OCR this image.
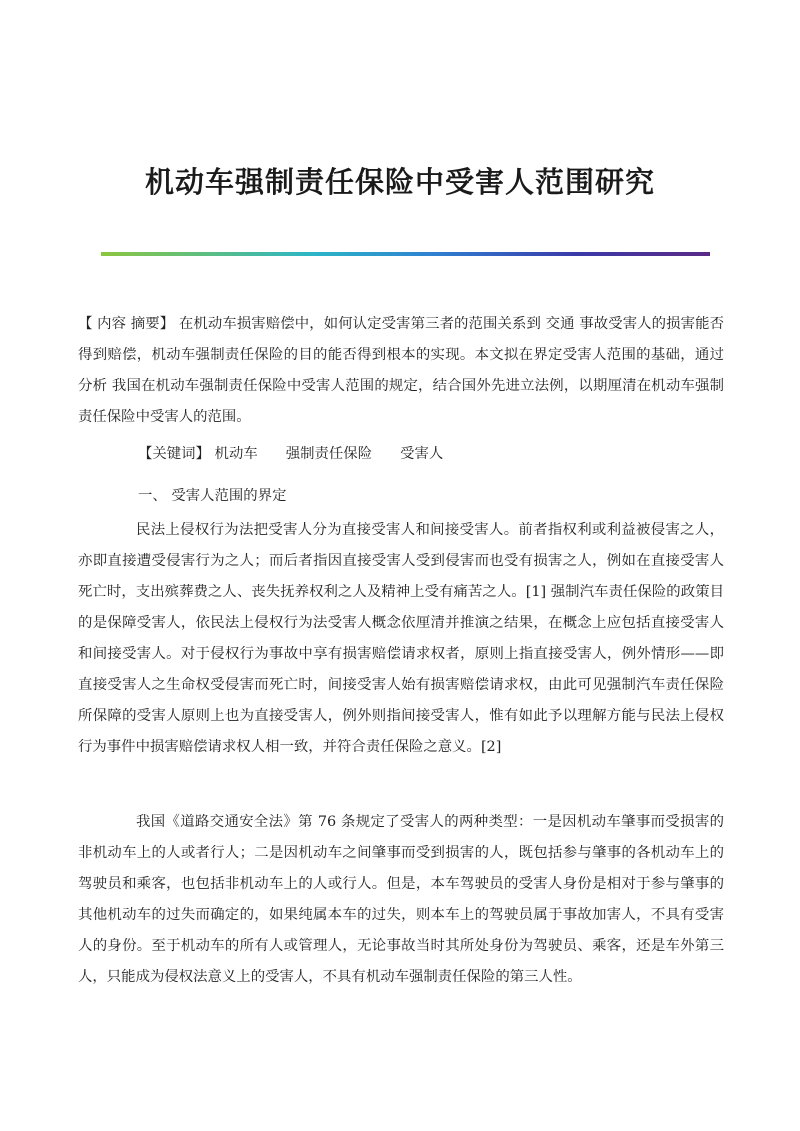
机动车强制责任保险中受害人范围研究
【 内容 摘要】 在机动车损害赔偿中，如何认定受害第三者的范围关系到 交通 事故受害人的损害能否得到赔偿，机动车强制责任保险的目的能否得到根本的实现。本文拟在界定受害人范围的基础，通过 分析 我国在机动车强制责任保险中受害人范围的规定，结合国外先进立法例，以期厘清在机动车强制责任保险中受害人的范围。
【关键词】 机动车 强制责任保险 受害人
一、 受害人范围的界定
民法上侵权行为法把受害人分为直接受害人和间接受害人。前者指权利或利益被侵害之人，亦即直接遭受侵害行为之人；而后者指因直接受害人受到侵害而也受有损害之人，例如在直接受害人死亡时，支出殡葬费之人、丧失抚养权利之人及精神上受有痛苦之人。[1] 强制汽车责任保险的政策目的是保障受害人，依民法上侵权行为法受害人概念依厘清并推演之结果，在概念上应包括直接受害人和间接受害人。对于侵权行为事故中享有损害赔偿请求权者，原则上指直接受害人，例外情形——即直接受害人之生命权受侵害而死亡时，间接受害人始有损害赔偿请求权，由此可见强制汽车责任保险所保障的受害人原则上也为直接受害人，例外则指间接受害人，惟有如此予以理解方能与民法上侵权行为事件中损害赔偿请求权人相一致，并符合责任保险之意义。[2]
我国《道路交通安全法》第 76 条规定了受害人的两种类型：一是因机动车肇事而受损害的非机动车上的人或者行人；二是因机动车之间肇事而受到损害的人，既包括参与肇事的各机动车上的驾驶员和乘客，也包括非机动车上的人或行人。但是，本车驾驶员的受害人身份是相对于参与肇事的其他机动车的过失而确定的，如果纯属本车的过失，则本车上的驾驶员属于事故加害人，不具有受害人的身份。至于机动车的所有人或管理人，无论事故当时其所处身份为驾驶员、乘客，还是车外第三人，只能成为侵权法意义上的受害人，不具有机动车强制责任保险的第三人性。
